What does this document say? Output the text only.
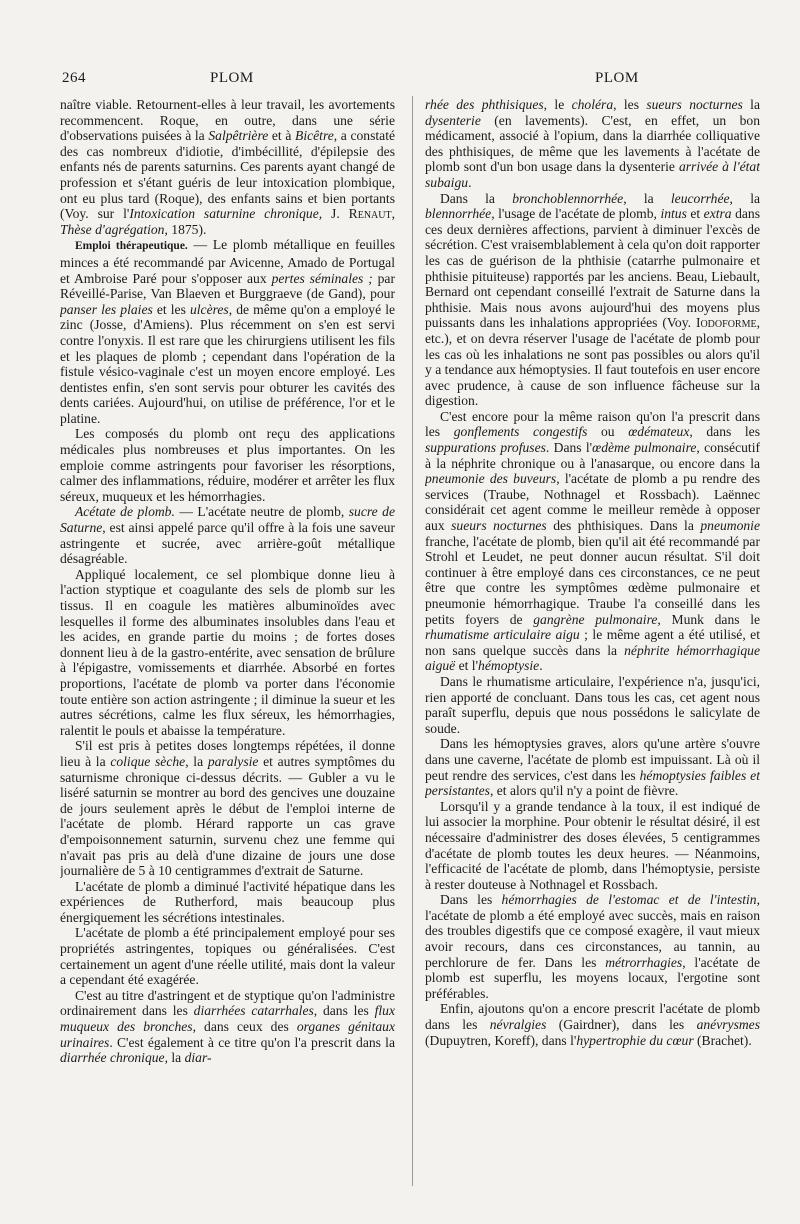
264	PLOM	PLOM

naître viable. Retournent-elles à leur travail, les avortements recommencent. Roque, en outre, dans une série d'observations puisées à la Salpêtrière et à Bicêtre, a constaté des cas nombreux d'idiotie, d'imbécillité, d'épilepsie des enfants nés de parents saturnins. Ces parents ayant changé de profession et s'étant guéris de leur intoxication plombique, ont eu plus tard (Roque), des enfants sains et bien portants (Voy. sur l'Intoxication saturnine chronique, J. Renaut, Thèse d'agrégation, 1875).

Emploi thérapeutique. — Le plomb métallique en feuilles minces a été recommandé par Avicenne, Amado de Portugal et Ambroise Paré pour s'opposer aux pertes séminales ; par Réveillé-Parise, Van Blaeven et Burggraeve (de Gand), pour panser les plaies et les ulcères, de même qu'on a employé le zinc (Josse, d'Amiens). Plus récemment on s'en est servi contre l'onyxis. Il est rare que les chirurgiens utilisent les fils et les plaques de plomb ; cependant dans l'opération de la fistule vésico-vaginale c'est un moyen encore employé. Les dentistes enfin, s'en sont servis pour obturer les cavités des dents cariées. Aujourd'hui, on utilise de préférence, l'or et le platine.

Les composés du plomb ont reçu des applications médicales plus nombreuses et plus importantes. On les emploie comme astringents pour favoriser les résorptions, calmer des inflammations, réduire, modérer et arrêter les flux séreux, muqueux et les hémorrhagies.

Acétate de plomb. — L'acétate neutre de plomb, sucre de Saturne, est ainsi appelé parce qu'il offre à la fois une saveur astringente et sucrée, avec arrière-goût métallique désagréable.

Appliqué localement, ce sel plombique donne lieu à l'action styptique et coagulante des sels de plomb sur les tissus. Il en coagule les matières albuminoïdes avec lesquelles il forme des albuminates insolubles dans l'eau et les acides, en grande partie du moins ; de fortes doses donnent lieu à de la gastro-entérite, avec sensation de brûlure à l'épigastre, vomissements et diarrhée. Absorbé en fortes proportions, l'acétate de plomb va porter dans l'économie toute entière son action astringente ; il diminue la sueur et les autres sécrétions, calme les flux séreux, les hémorrhagies, ralentit le pouls et abaisse la température.

S'il est pris à petites doses longtemps répétées, il donne lieu à la colique sèche, la paralysie et autres symptômes du saturnisme chronique ci-dessus décrits. — Gubler a vu le liséré saturnin se montrer au bord des gencives une douzaine de jours seulement après le début de l'emploi interne de l'acétate de plomb. Hérard rapporte un cas grave d'empoisonnement saturnin, survenu chez une femme qui n'avait pas pris au delà d'une dizaine de jours une dose journalière de 5 à 10 centigrammes d'extrait de Saturne.

L'acétate de plomb a diminué l'activité hépatique dans les expériences de Rutherford, mais beaucoup plus énergiquement les sécrétions intestinales.

L'acétate de plomb a été principalement employé pour ses propriétés astringentes, topiques ou généralisées. C'est certainement un agent d'une réelle utilité, mais dont la valeur a cependant été exagérée.

C'est au titre d'astringent et de styptique qu'on l'administre ordinairement dans les diarrhées catarrhales, dans les flux muqueux des bronches, dans ceux des organes génitaux urinaires. C'est également à ce titre qu'on l'a prescrit dans la diarrhée chronique, la diar-

rhée des phthisiques, le choléra, les sueurs nocturnes la dysenterie (en lavements). C'est, en effet, un bon médicament, associé à l'opium, dans la diarrhée colliquative des phthisiques, de même que les lavements à l'acétate de plomb sont d'un bon usage dans la dysenterie arrivée à l'état subaigu.

Dans la bronchoblennorrhée, la leucorrhée, la blennorrhée, l'usage de l'acétate de plomb, intus et extra dans ces deux dernières affections, parvient à diminuer l'excès de sécrétion. C'est vraisemblablement à cela qu'on doit rapporter les cas de guérison de la phthisie (catarrhe pulmonaire et phthisie pituiteuse) rapportés par les anciens. Beau, Liebault, Bernard ont cependant conseillé l'extrait de Saturne dans la phthisie. Mais nous avons aujourd'hui des moyens plus puissants dans les inhalations appropriées (Voy. Iodoforme, etc.), et on devra réserver l'usage de l'acétate de plomb pour les cas où les inhalations ne sont pas possibles ou alors qu'il y a tendance aux hémoptysies. Il faut toutefois en user encore avec prudence, à cause de son influence fâcheuse sur la digestion.

C'est encore pour la même raison qu'on l'a prescrit dans les gonflements congestifs ou œdémateux, dans les suppurations profuses. Dans l'œdème pulmonaire, consécutif à la néphrite chronique ou à l'anasarque, ou encore dans la pneumonie des buveurs, l'acétate de plomb a pu rendre des services (Traube, Nothnagel et Rossbach). Laënnec considérait cet agent comme le meilleur remède à opposer aux sueurs nocturnes des phthisiques. Dans la pneumonie franche, l'acétate de plomb, bien qu'il ait été recommandé par Strohl et Leudet, ne peut donner aucun résultat. S'il doit continuer à être employé dans ces circonstances, ce ne peut être que contre les symptômes œdème pulmonaire et pneumonie hémorrhagique. Traube l'a conseillé dans les petits foyers de gangrène pulmonaire, Munk dans le rhumatisme articulaire aigu ; le même agent a été utilisé, et non sans quelque succès dans la néphrite hémorrhagique aiguë et l'hémoptysie.

Dans le rhumatisme articulaire, l'expérience n'a, jusqu'ici, rien apporté de concluant. Dans tous les cas, cet agent nous paraît superflu, depuis que nous possédons le salicylate de soude.

Dans les hémoptysies graves, alors qu'une artère s'ouvre dans une caverne, l'acétate de plomb est impuissant. Là où il peut rendre des services, c'est dans les hémoptysies faibles et persistantes, et alors qu'il n'y a point de fièvre.

Lorsqu'il y a grande tendance à la toux, il est indiqué de lui associer la morphine. Pour obtenir le résultat désiré, il est nécessaire d'administrer des doses élevées, 5 centigrammes d'acétate de plomb toutes les deux heures. — Néanmoins, l'efficacité de l'acétate de plomb, dans l'hémoptysie, persiste à rester douteuse à Nothnagel et Rossbach.

Dans les hémorrhagies de l'estomac et de l'intestin, l'acétate de plomb a été employé avec succès, mais en raison des troubles digestifs que ce composé exagère, il vaut mieux avoir recours, dans ces circonstances, au tannin, au perchlorure de fer. Dans les métrorrhagies, l'acétate de plomb est superflu, les moyens locaux, l'ergotine sont préférables.

Enfin, ajoutons qu'on a encore prescrit l'acétate de plomb dans les névralgies (Gairdner), dans les anévrysmes (Dupuytren, Koreff), dans l'hypertrophie du cœur (Brachet).
